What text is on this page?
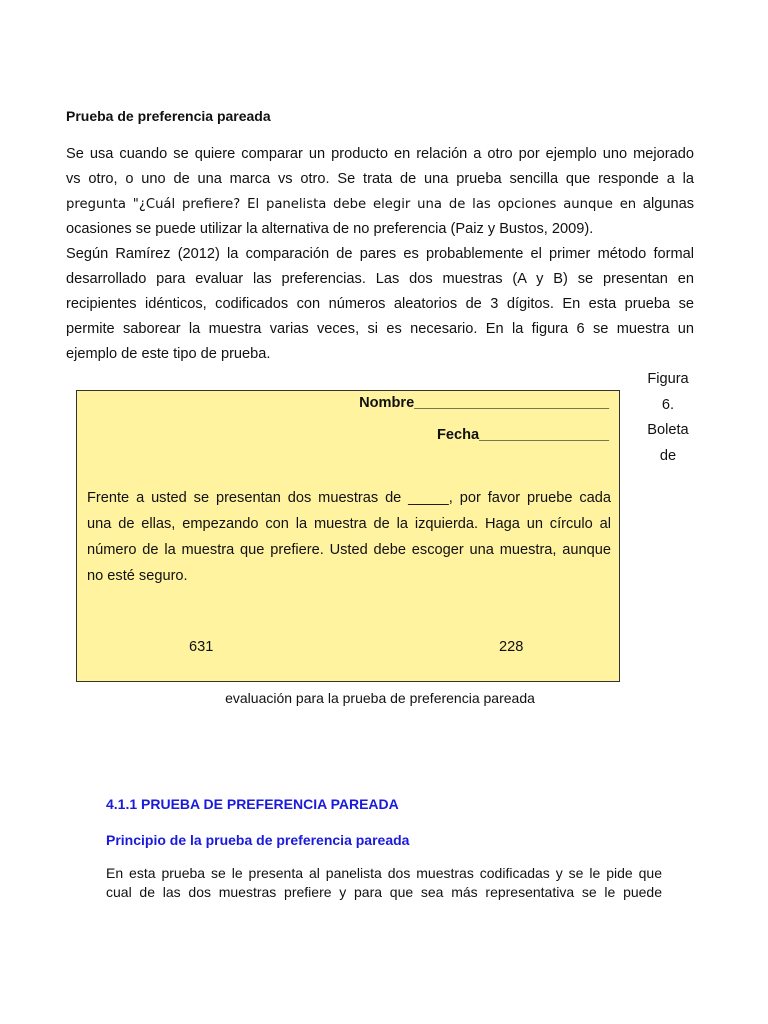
Prueba de preferencia pareada
Se usa cuando se quiere comparar un producto en relación a otro por ejemplo uno mejorado
vs otro, o uno de una marca vs otro. Se trata de una prueba sencilla que responde a la
pregunta "¿Cuál prefiere? El panelista debe elegir una de las opciones aunque en algunas
ocasiones se puede utilizar la alternativa de no preferencia (Paiz y Bustos, 2009).
Según Ramírez (2012) la comparación de pares es probablemente el primer método formal
desarrollado para evaluar las preferencias. Las dos muestras (A y B) se presentan en
recipientes idénticos, codificados con números aleatorios de 3 dígitos. En esta prueba se
permite saborear la muestra varias veces, si es necesario. En la figura 6 se muestra un
ejemplo de este tipo de prueba.
Figura
6.
Boleta
de
Nombre________________________
Fecha________________
Frente a usted se presentan dos muestras de _____, por favor pruebe cada
una de ellas, empezando con la muestra de la izquierda. Haga un círculo al
número de la muestra que prefiere. Usted debe escoger una muestra, aunque
no esté seguro.
631	228
evaluación para la prueba de preferencia pareada
4.1.1 PRUEBA DE PREFERENCIA PAREADA
Principio de la prueba de preferencia pareada
En esta prueba se le presenta al panelista dos muestras codificadas y se le pide que
cual de las dos muestras prefiere y para que sea más representativa se le puede
